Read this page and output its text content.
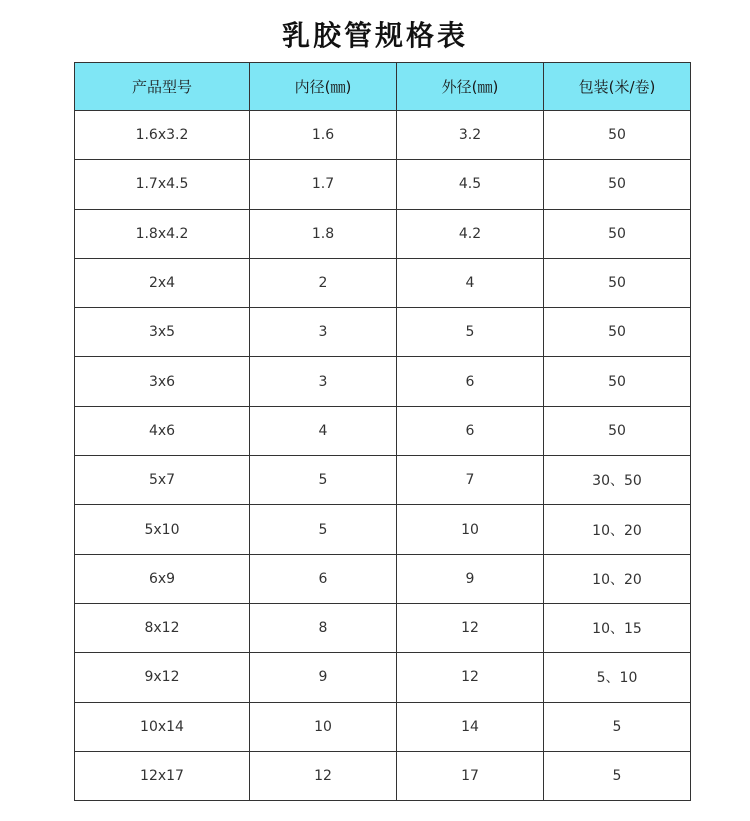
乳胶管规格表
产品型号	内径(㎜)	外径(㎜)	包装(米/卷)
1.6x3.2	1.6	3.2	50
1.7x4.5	1.7	4.5	50
1.8x4.2	1.8	4.2	50
2x4	2	4	50
3x5	3	5	50
3x6	3	6	50
4x6	4	6	50
5x7	5	7	30、50
5x10	5	10	10、20
6x9	6	9	10、20
8x12	8	12	10、15
9x12	9	12	5、10
10x14	10	14	5
12x17	12	17	5
